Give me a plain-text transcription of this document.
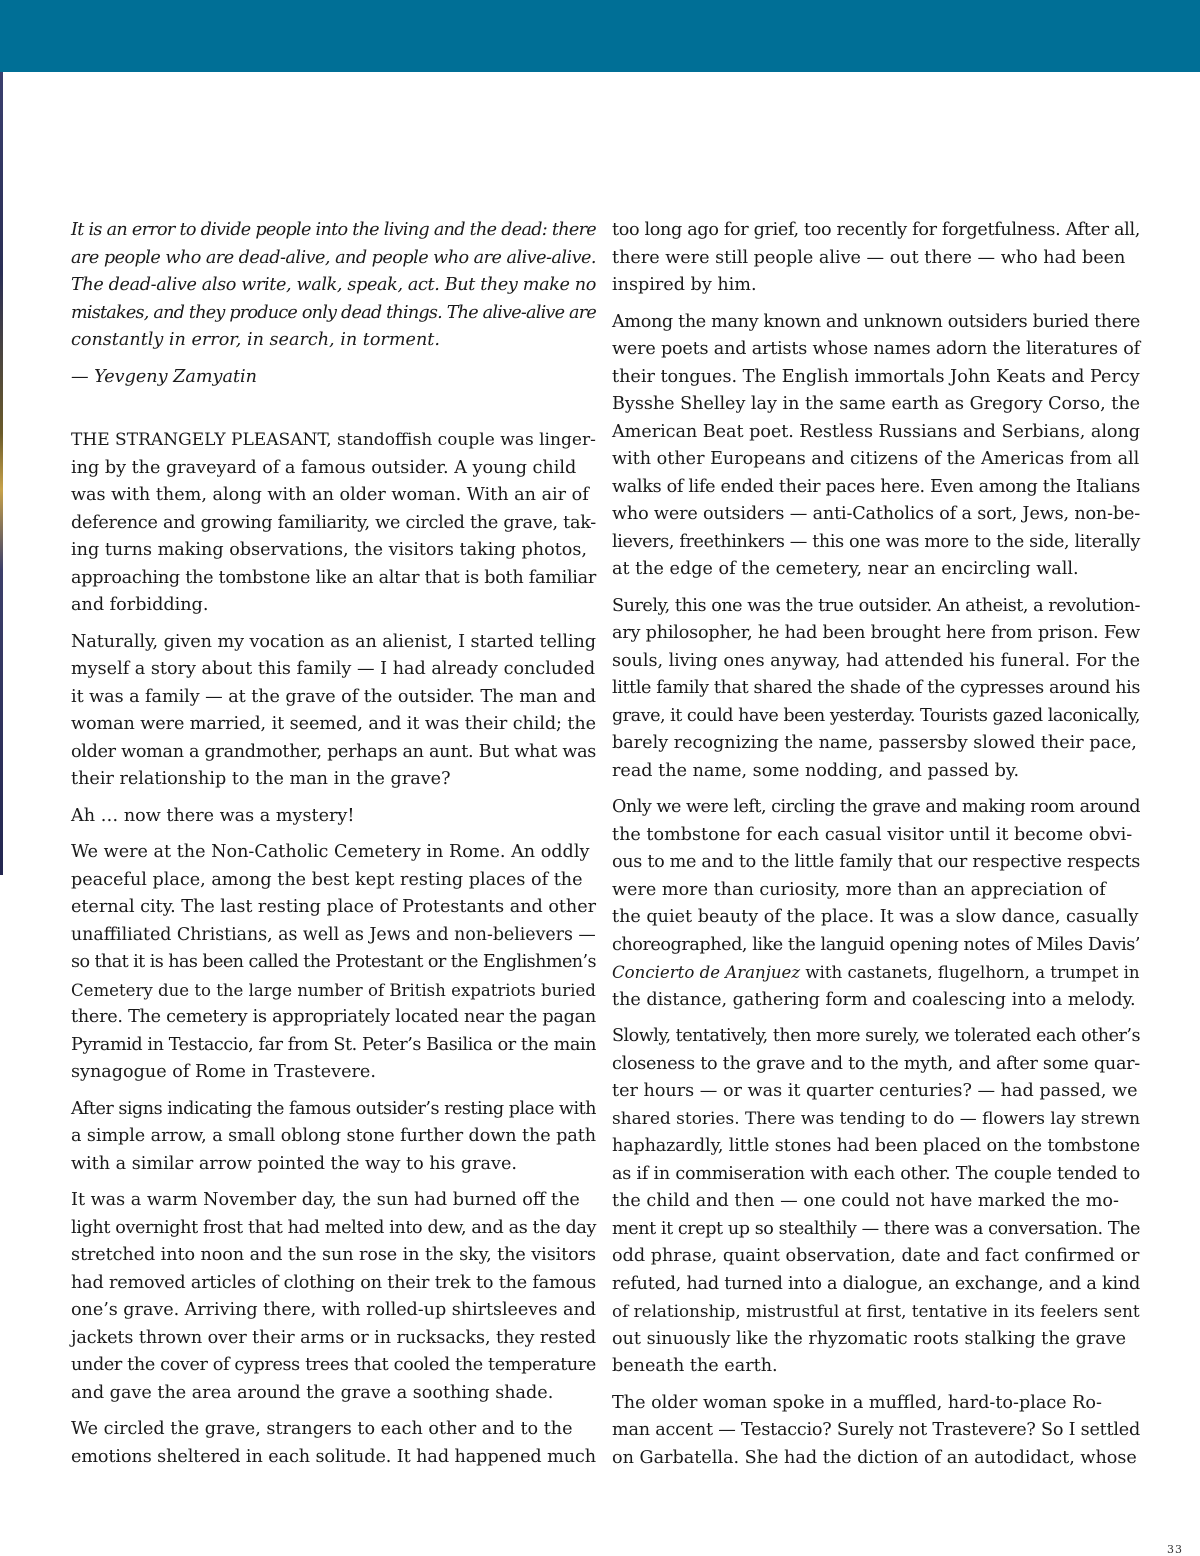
It is an error to divide people into the living and the dead: there
are people who are dead-alive, and people who are alive-alive.
The dead-alive also write, walk, speak, act. But they make no
mistakes, and they produce only dead things. The alive-alive are
constantly in error, in search, in torment.

— Yevgeny Zamyatin

THE STRANGELY PLEASANT, standoffish couple was linger-
ing by the graveyard of a famous outsider. A young child
was with them, along with an older woman. With an air of
deference and growing familiarity, we circled the grave, tak-
ing turns making observations, the visitors taking photos,
approaching the tombstone like an altar that is both familiar
and forbidding.

Naturally, given my vocation as an alienist, I started telling
myself a story about this family — I had already concluded
it was a family — at the grave of the outsider. The man and
woman were married, it seemed, and it was their child; the
older woman a grandmother, perhaps an aunt. But what was
their relationship to the man in the grave?

Ah … now there was a mystery!

We were at the Non-Catholic Cemetery in Rome. An oddly
peaceful place, among the best kept resting places of the
eternal city. The last resting place of Protestants and other
unaffiliated Christians, as well as Jews and non-believers —
so that it is has been called the Protestant or the Englishmen’s
Cemetery due to the large number of British expatriots buried
there. The cemetery is appropriately located near the pagan
Pyramid in Testaccio, far from St. Peter’s Basilica or the main
synagogue of Rome in Trastevere.

After signs indicating the famous outsider’s resting place with
a simple arrow, a small oblong stone further down the path
with a similar arrow pointed the way to his grave.

It was a warm November day, the sun had burned off the
light overnight frost that had melted into dew, and as the day
stretched into noon and the sun rose in the sky, the visitors
had removed articles of clothing on their trek to the famous
one’s grave. Arriving there, with rolled-up shirtsleeves and
jackets thrown over their arms or in rucksacks, they rested
under the cover of cypress trees that cooled the temperature
and gave the area around the grave a soothing shade.

We circled the grave, strangers to each other and to the
emotions sheltered in each solitude. It had happened much

too long ago for grief, too recently for forgetfulness. After all,
there were still people alive — out there — who had been
inspired by him.

Among the many known and unknown outsiders buried there
were poets and artists whose names adorn the literatures of
their tongues. The English immortals John Keats and Percy
Bysshe Shelley lay in the same earth as Gregory Corso, the
American Beat poet. Restless Russians and Serbians, along
with other Europeans and citizens of the Americas from all
walks of life ended their paces here. Even among the Italians
who were outsiders — anti-Catholics of a sort, Jews, non-be-
lievers, freethinkers — this one was more to the side, literally
at the edge of the cemetery, near an encircling wall.

Surely, this one was the true outsider. An atheist, a revolution-
ary philosopher, he had been brought here from prison. Few
souls, living ones anyway, had attended his funeral. For the
little family that shared the shade of the cypresses around his
grave, it could have been yesterday. Tourists gazed laconically,
barely recognizing the name, passersby slowed their pace,
read the name, some nodding, and passed by.

Only we were left, circling the grave and making room around
the tombstone for each casual visitor until it become obvi-
ous to me and to the little family that our respective respects
were more than curiosity, more than an appreciation of
the quiet beauty of the place. It was a slow dance, casually
choreographed, like the languid opening notes of Miles Davis’
Concierto de Aranjuez with castanets, flugelhorn, a trumpet in
the distance, gathering form and coalescing into a melody.

Slowly, tentatively, then more surely, we tolerated each other’s
closeness to the grave and to the myth, and after some quar-
ter hours — or was it quarter centuries? — had passed, we
shared stories. There was tending to do — flowers lay strewn
haphazardly, little stones had been placed on the tombstone
as if in commiseration with each other. The couple tended to
the child and then — one could not have marked the mo-
ment it crept up so stealthily — there was a conversation. The
odd phrase, quaint observation, date and fact confirmed or
refuted, had turned into a dialogue, an exchange, and a kind
of relationship, mistrustful at first, tentative in its feelers sent
out sinuously like the rhyzomatic roots stalking the grave
beneath the earth.

The older woman spoke in a muffled, hard-to-place Ro-
man accent — Testaccio? Surely not Trastevere? So I settled
on Garbatella. She had the diction of an autodidact, whose

33
